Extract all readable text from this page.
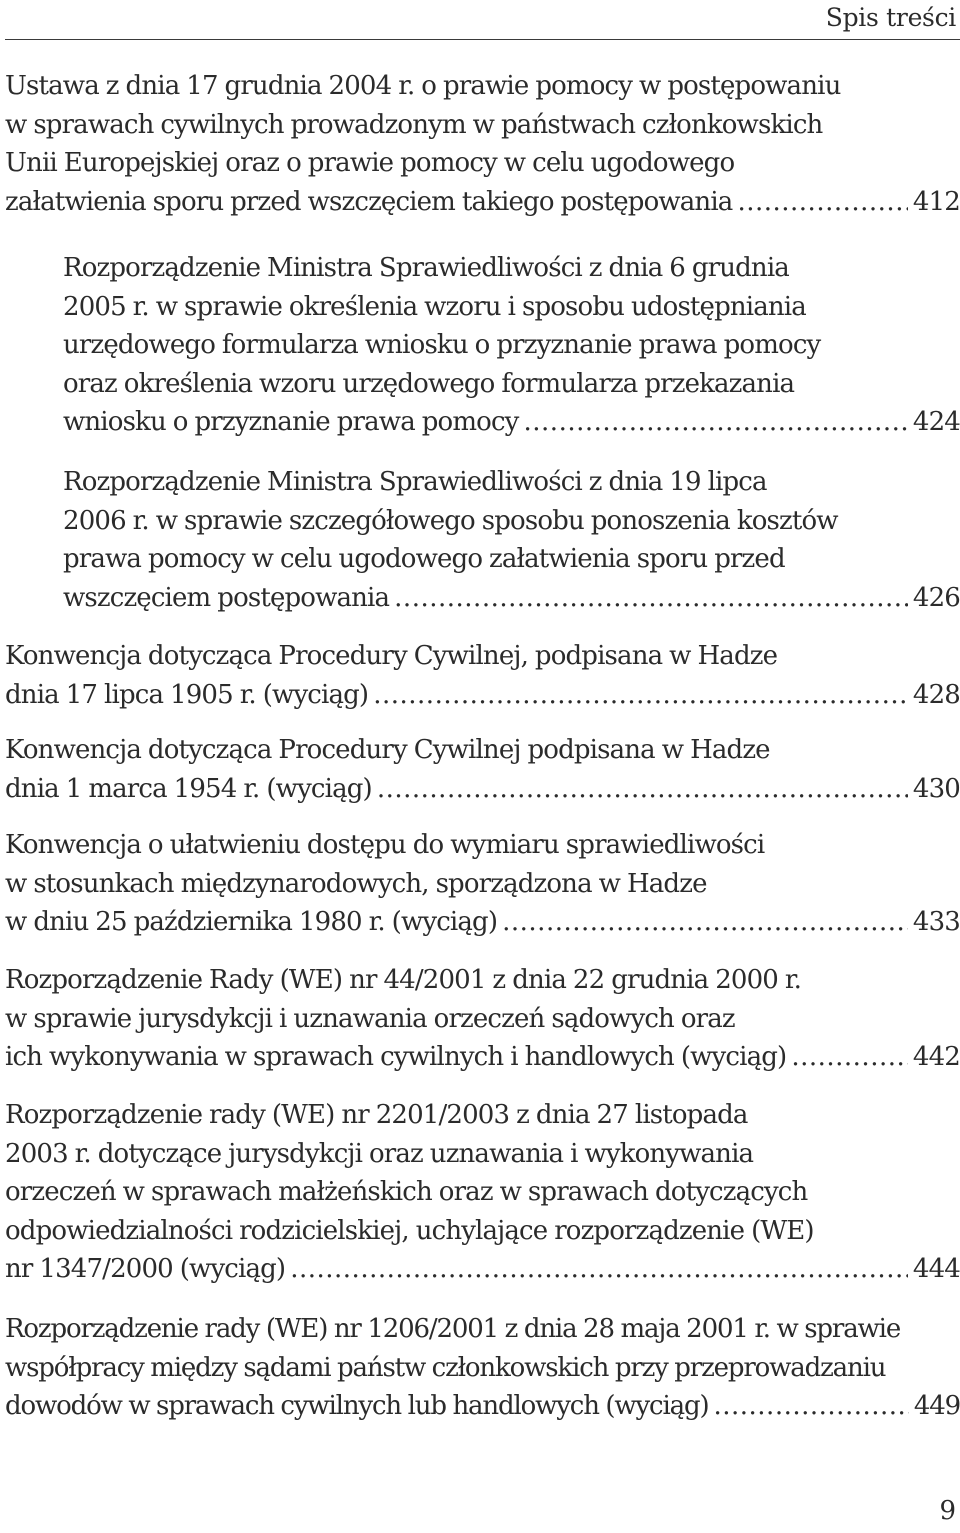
Spis treści
Ustawa z dnia 17 grudnia 2004 r. o prawie pomocy w postępowaniu
w sprawach cywilnych prowadzonym w państwach członkowskich
Unii Europejskiej oraz o prawie pomocy w celu ugodowego
załatwienia sporu przed wszczęciem takiego postępowania .....	412
Rozporządzenie Ministra Sprawiedliwości z dnia 6 grudnia
2005 r. w sprawie określenia wzoru i sposobu udostępniania
urzędowego formularza wniosku o przyznanie prawa pomocy
oraz określenia wzoru urzędowego formularza przekazania
wniosku o przyznanie prawa pomocy .....	424
Rozporządzenie Ministra Sprawiedliwości z dnia 19 lipca
2006 r. w sprawie szczegółowego sposobu ponoszenia kosztów
prawa pomocy w celu ugodowego załatwienia sporu przed
wszczęciem postępowania .....	426
Konwencja dotycząca Procedury Cywilnej, podpisana w Hadze
dnia 17 lipca 1905 r. (wyciąg) .....	428
Konwencja dotycząca Procedury Cywilnej podpisana w Hadze
dnia 1 marca 1954 r. (wyciąg) .....	430
Konwencja o ułatwieniu dostępu do wymiaru sprawiedliwości
w stosunkach międzynarodowych, sporządzona w Hadze
w dniu 25 października 1980 r. (wyciąg) .....	433
Rozporządzenie Rady (WE) nr 44/2001 z dnia 22 grudnia 2000 r.
w sprawie jurysdykcji i uznawania orzeczeń sądowych oraz
ich wykonywania w sprawach cywilnych i handlowych (wyciąg) .....	442
Rozporządzenie rady (WE) nr 2201/2003 z dnia 27 listopada
2003 r. dotyczące jurysdykcji oraz uznawania i wykonywania
orzeczeń w sprawach małżeńskich oraz w sprawach dotyczących
odpowiedzialności rodzicielskiej, uchylające rozporządzenie (WE)
nr 1347/2000 (wyciąg) .....	444
Rozporządzenie rady (WE) nr 1206/2001 z dnia 28 maja 2001 r. w sprawie
współpracy między sądami państw członkowskich przy przeprowadzaniu
dowodów w sprawach cywilnych lub handlowych (wyciąg) .....	449
9
